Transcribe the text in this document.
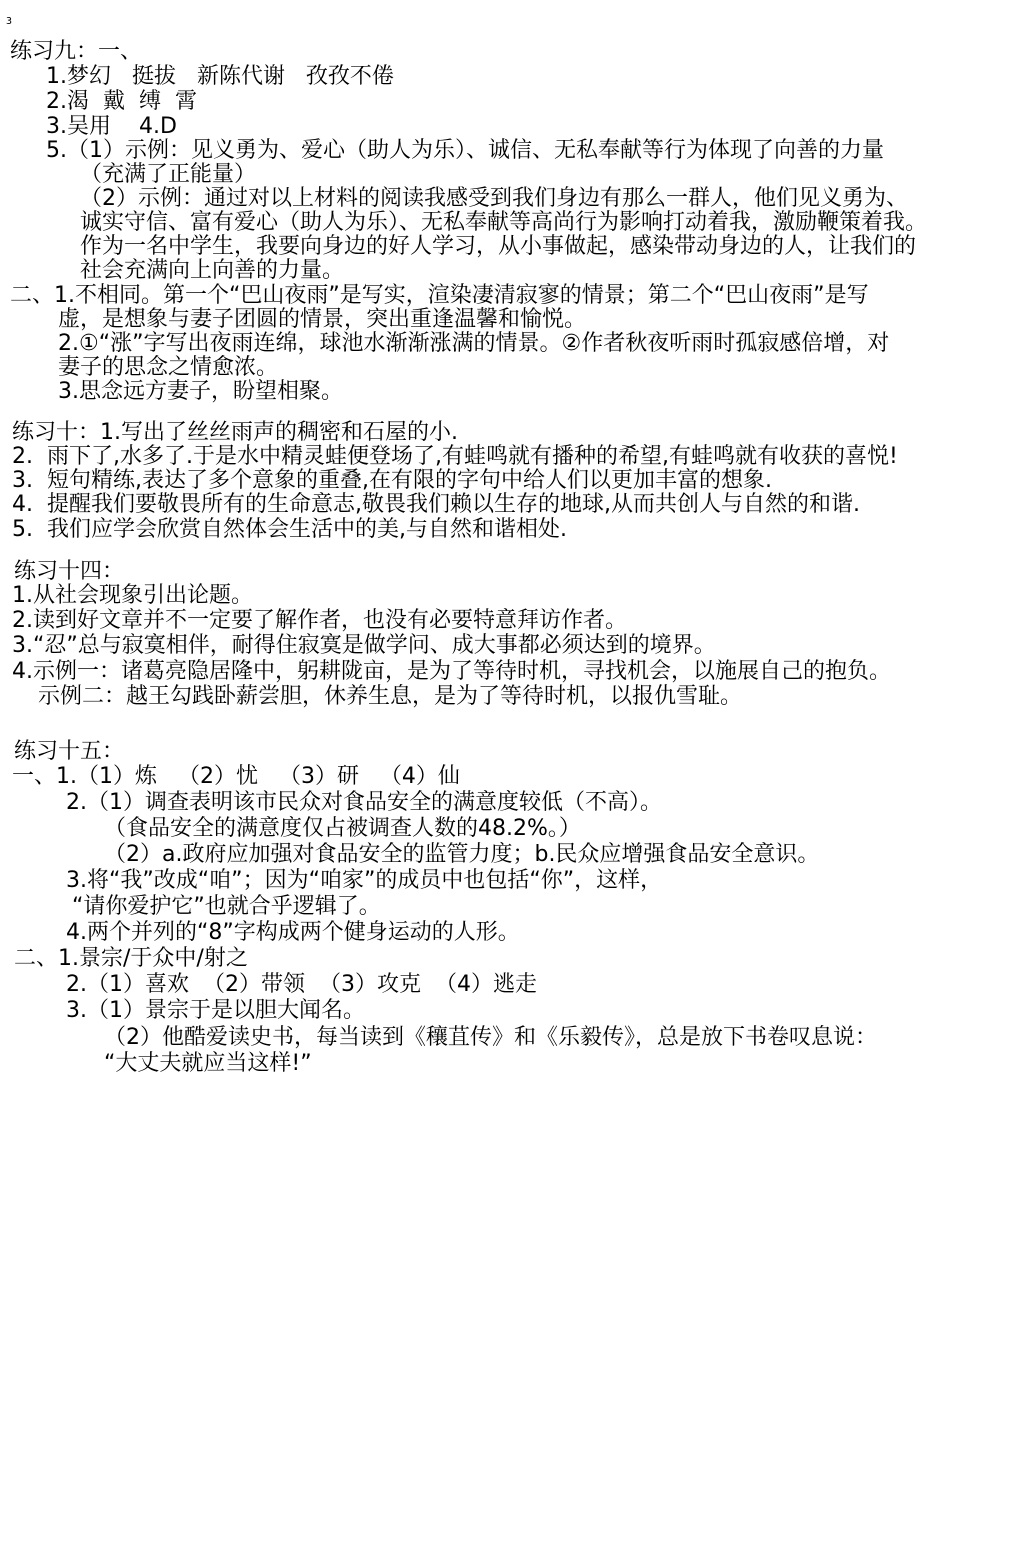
3
练习九：一、
1.梦幻   挺拔   新陈代谢   孜孜不倦
2.渴  戴  缚  霄
3.吴用    4.D
5.（1）示例：见义勇为、爱心（助人为乐）、诚信、无私奉献等行为体现了向善的力量
（充满了正能量）
（2）示例：通过对以上材料的阅读我感受到我们身边有那么一群人，他们见义勇为、
诚实守信、富有爱心（助人为乐）、无私奉献等高尚行为影响打动着我，激励鞭策着我。
作为一名中学生，我要向身边的好人学习，从小事做起，感染带动身边的人，让我们的
社会充满向上向善的力量。
二、1.不相同。第一个“巴山夜雨”是写实，渲染凄清寂寥的情景；第二个“巴山夜雨”是写
虚，是想象与妻子团圆的情景，突出重逢温馨和愉悦。
2.①“涨”字写出夜雨连绵，球池水渐渐涨满的情景。②作者秋夜听雨时孤寂感倍增，对
妻子的思念之情愈浓。
3.思念远方妻子，盼望相聚。
练习十：1.写出了丝丝雨声的稠密和石屋的小.
2.  雨下了,水多了.于是水中精灵蛙便登场了,有蛙鸣就有播种的希望,有蛙鸣就有收获的喜悦!
3.  短句精练,表达了多个意象的重叠,在有限的字句中给人们以更加丰富的想象.
4.  提醒我们要敬畏所有的生命意志,敬畏我们赖以生存的地球,从而共创人与自然的和谐.
5.  我们应学会欣赏自然体会生活中的美,与自然和谐相处.
练习十四：
1.从社会现象引出论题。
2.读到好文章并不一定要了解作者，也没有必要特意拜访作者。
3.“忍”总与寂寞相伴，耐得住寂寞是做学问、成大事都必须达到的境界。
4.示例一：诸葛亮隐居隆中，躬耕陇亩，是为了等待时机，寻找机会，以施展自己的抱负。
示例二：越王勾践卧薪尝胆，休养生息，是为了等待时机，以报仇雪耻。
练习十五：
一、1.（1）炼   （2）忧   （3）研   （4）仙
2.（1）调查表明该市民众对食品安全的满意度较低（不高）。
（食品安全的满意度仅占被调查人数的48.2%。）
（2）a.政府应加强对食品安全的监管力度；b.民众应增强食品安全意识。
3.将“我”改成“咱”；因为“咱家”的成员中也包括“你”，这样，
“请你爱护它”也就合乎逻辑了。
4.两个并列的“8”字构成两个健身运动的人形。
二、1.景宗/于众中/射之
2.（1）喜欢  （2）带领  （3）攻克  （4）逃走
3.（1）景宗于是以胆大闻名。
（2）他酷爱读史书，每当读到《穰苴传》和《乐毅传》，总是放下书卷叹息说：
“大丈夫就应当这样!”
